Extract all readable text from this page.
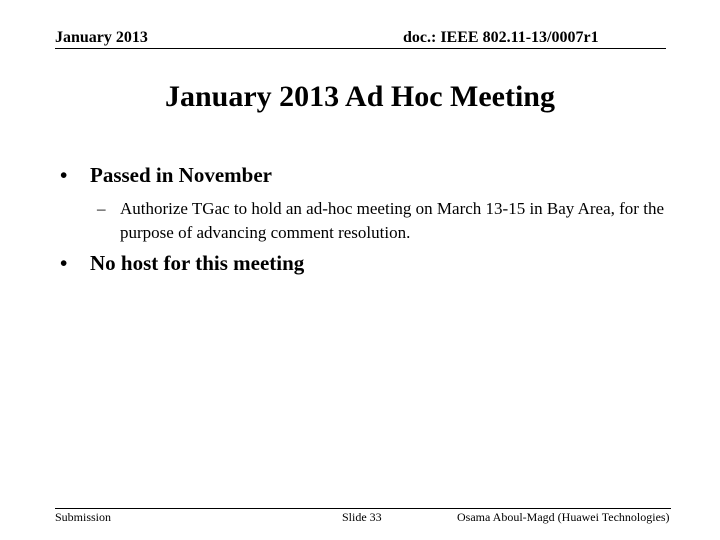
January 2013	doc.: IEEE 802.11-13/0007r1
January 2013 Ad Hoc Meeting
• Passed in November
– Authorize TGac to hold an ad-hoc meeting on March 13-15 in Bay Area, for the purpose of advancing comment resolution.
• No host for this meeting
Submission	Slide 33	Osama Aboul-Magd (Huawei Technologies)
